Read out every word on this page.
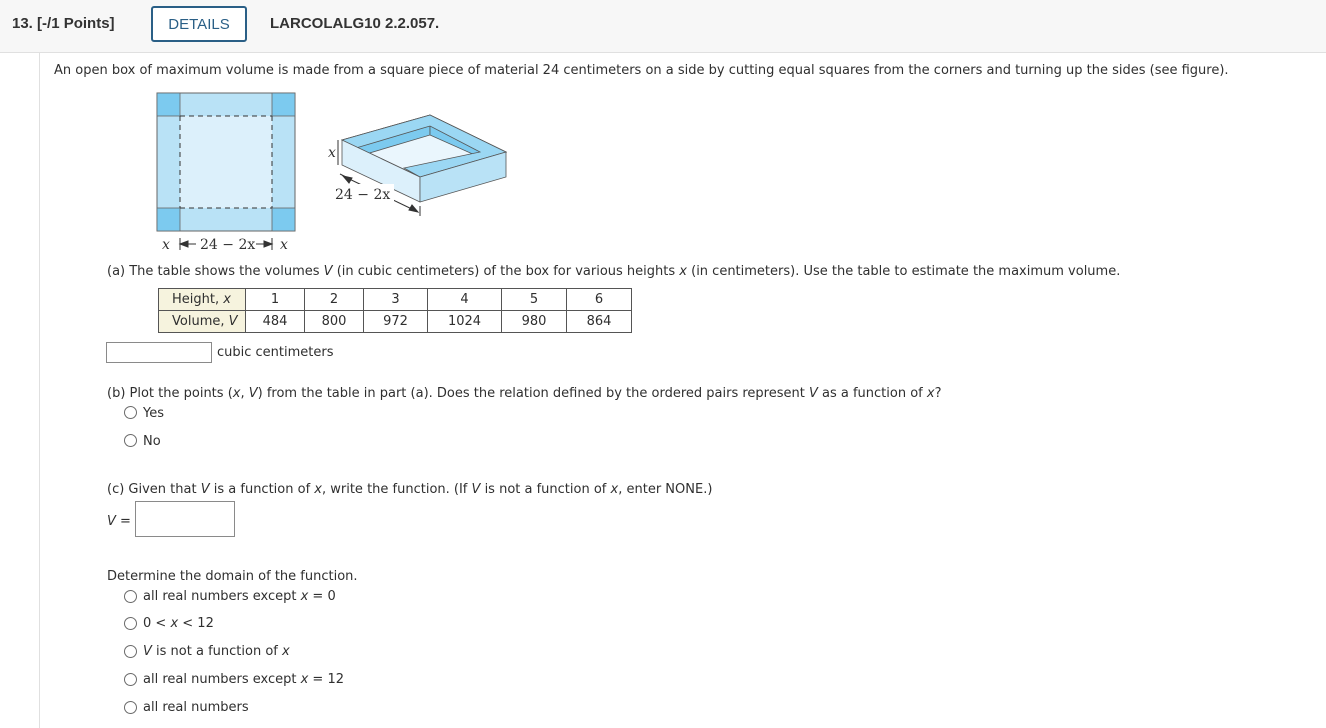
13. [-/1 Points]	DETAILS	LARCOLALG10 2.2.057.
An open box of maximum volume is made from a square piece of material 24 centimeters on a side by cutting equal squares from the corners and turning up the sides (see figure).
x 24 − 2x x
x
24 − 2x
(a) The table shows the volumes V (in cubic centimeters) of the box for various heights x (in centimeters). Use the table to estimate the maximum volume.
Height, x	1	2	3	4	5	6
Volume, V	484	800	972	1024	980	864
cubic centimeters
(b) Plot the points (x, V) from the table in part (a). Does the relation defined by the ordered pairs represent V as a function of x?
Yes
No
(c) Given that V is a function of x, write the function. (If V is not a function of x, enter NONE.)
V =
Determine the domain of the function.
all real numbers except x = 0
0 < x < 12
V is not a function of x
all real numbers except x = 12
all real numbers
